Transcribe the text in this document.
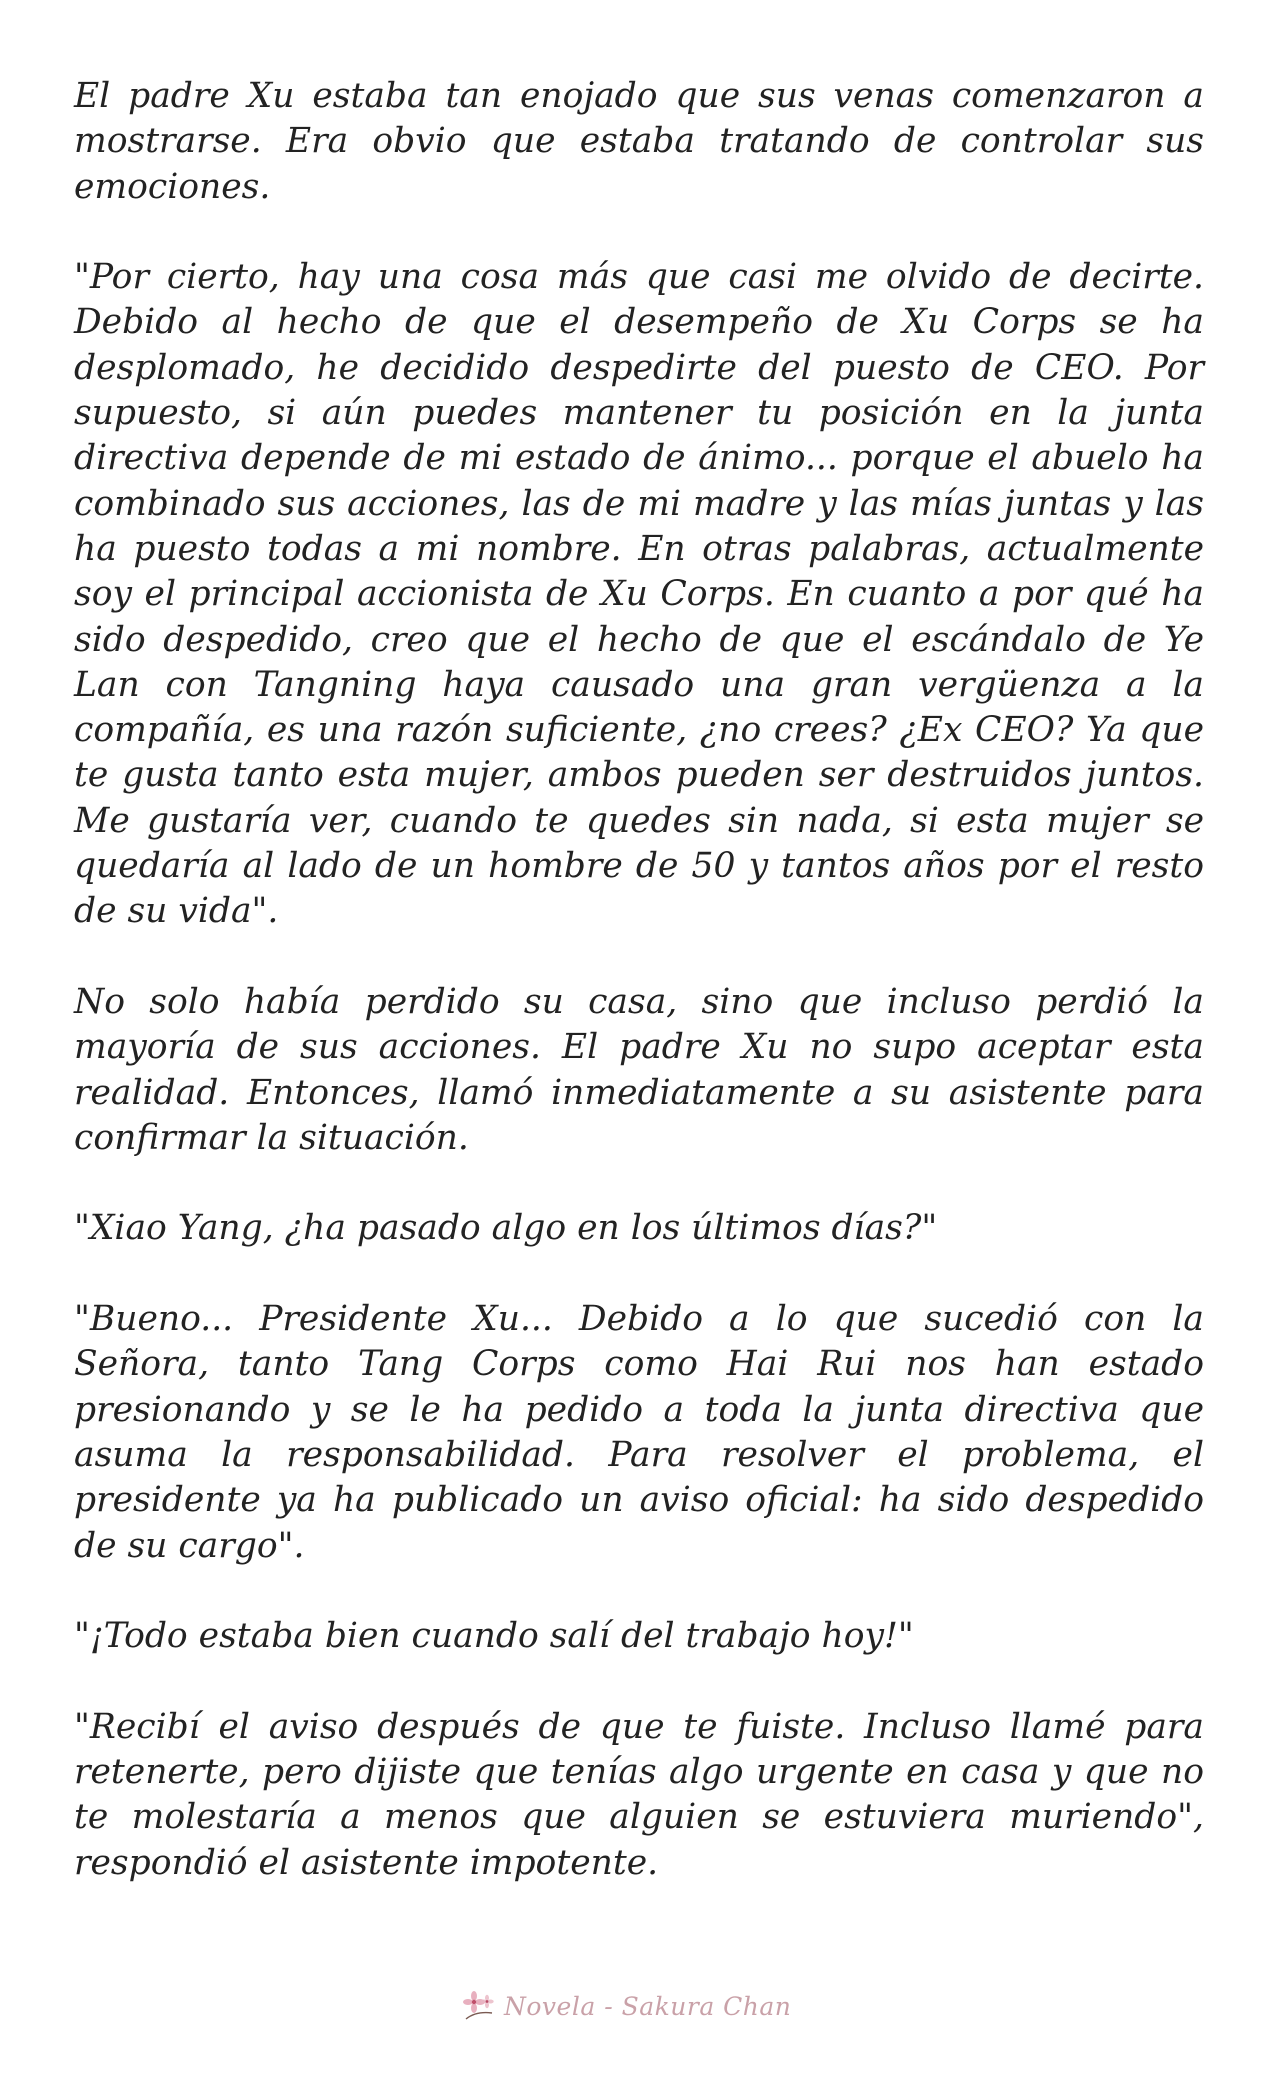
El padre Xu estaba tan enojado que sus venas comenzaron a mostrarse. Era obvio que estaba tratando de controlar sus emociones.

"Por cierto, hay una cosa más que casi me olvido de decirte. Debido al hecho de que el desempeño de Xu Corps se ha desplomado, he decidido despedirte del puesto de CEO. Por supuesto, si aún puedes mantener tu posición en la junta directiva depende de mi estado de ánimo... porque el abuelo ha combinado sus acciones, las de mi madre y las mías juntas y las ha puesto todas a mi nombre. En otras palabras, actualmente soy el principal accionista de Xu Corps. En cuanto a por qué ha sido despedido, creo que el hecho de que el escándalo de Ye Lan con Tangning haya causado una gran vergüenza a la compañía, es una razón suficiente, ¿no crees? ¿Ex CEO? Ya que te gusta tanto esta mujer, ambos pueden ser destruidos juntos. Me gustaría ver, cuando te quedes sin nada, si esta mujer se quedaría al lado de un hombre de 50 y tantos años por el resto de su vida".

No solo había perdido su casa, sino que incluso perdió la mayoría de sus acciones. El padre Xu no supo aceptar esta realidad. Entonces, llamó inmediatamente a su asistente para confirmar la situación.

"Xiao Yang, ¿ha pasado algo en los últimos días?"

"Bueno... Presidente Xu... Debido a lo que sucedió con la Señora, tanto Tang Corps como Hai Rui nos han estado presionando y se le ha pedido a toda la junta directiva que asuma la responsabilidad. Para resolver el problema, el presidente ya ha publicado un aviso oficial: ha sido despedido de su cargo".

"¡Todo estaba bien cuando salí del trabajo hoy!"

"Recibí el aviso después de que te fuiste. Incluso llamé para retenerte, pero dijiste que tenías algo urgente en casa y que no te molestaría a menos que alguien se estuviera muriendo", respondió el asistente impotente.

Novela - Sakura Chan
